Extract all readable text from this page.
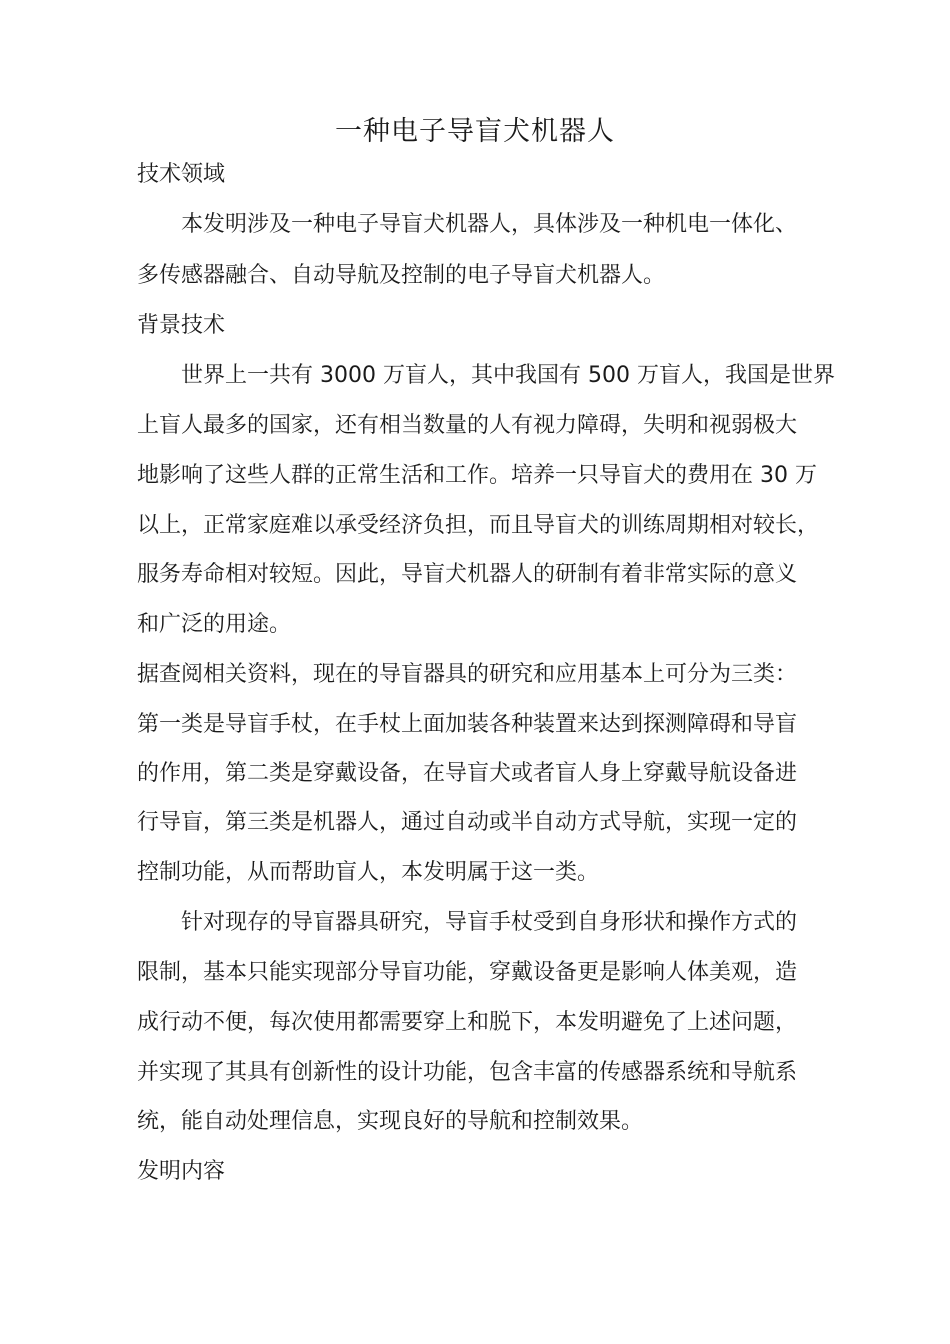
一种电子导盲犬机器人
技术领域
本发明涉及一种电子导盲犬机器人，具体涉及一种机电一体化、
多传感器融合、自动导航及控制的电子导盲犬机器人。
背景技术
世界上一共有 3000 万盲人，其中我国有 500 万盲人，我国是世界
上盲人最多的国家，还有相当数量的人有视力障碍，失明和视弱极大
地影响了这些人群的正常生活和工作。培养一只导盲犬的费用在 30 万
以上，正常家庭难以承受经济负担，而且导盲犬的训练周期相对较长，
服务寿命相对较短。因此，导盲犬机器人的研制有着非常实际的意义
和广泛的用途。
据查阅相关资料，现在的导盲器具的研究和应用基本上可分为三类：
第一类是导盲手杖，在手杖上面加装各种装置来达到探测障碍和导盲
的作用，第二类是穿戴设备，在导盲犬或者盲人身上穿戴导航设备进
行导盲，第三类是机器人，通过自动或半自动方式导航，实现一定的
控制功能，从而帮助盲人，本发明属于这一类。
针对现存的导盲器具研究，导盲手杖受到自身形状和操作方式的
限制，基本只能实现部分导盲功能，穿戴设备更是影响人体美观，造
成行动不便，每次使用都需要穿上和脱下，本发明避免了上述问题，
并实现了其具有创新性的设计功能，包含丰富的传感器系统和导航系
统，能自动处理信息，实现良好的导航和控制效果。
发明内容
